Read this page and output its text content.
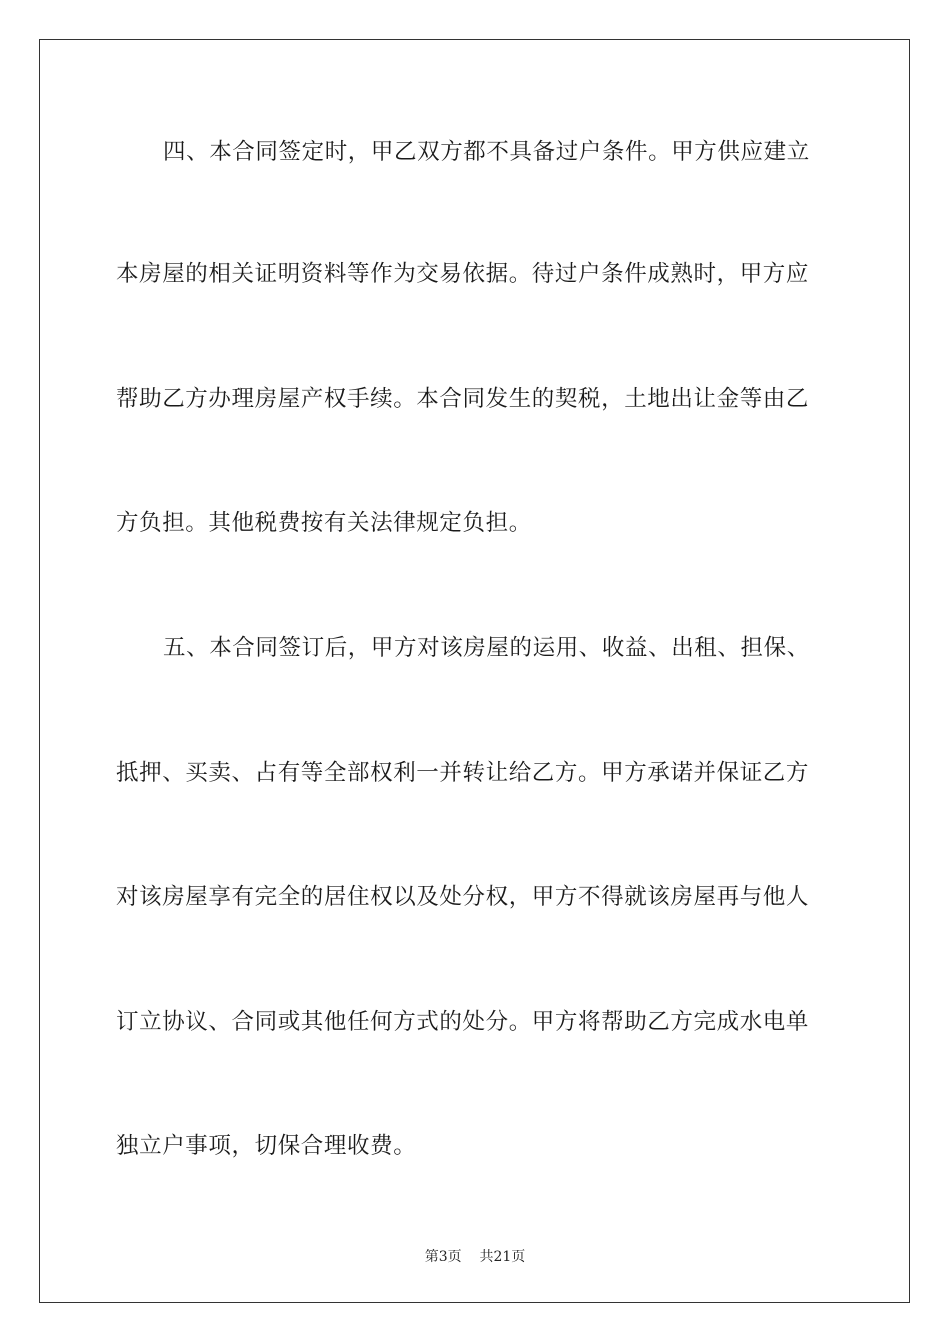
四、本合同签定时，甲乙双方都不具备过户条件。甲方供应建立
本房屋的相关证明资料等作为交易依据。待过户条件成熟时，甲方应
帮助乙方办理房屋产权手续。本合同发生的契税，土地出让金等由乙
方负担。其他税费按有关法律规定负担。
五、本合同签订后，甲方对该房屋的运用、收益、出租、担保、
抵押、买卖、占有等全部权利一并转让给乙方。甲方承诺并保证乙方
对该房屋享有完全的居住权以及处分权，甲方不得就该房屋再与他人
订立协议、合同或其他任何方式的处分。甲方将帮助乙方完成水电单
独立户事项，切保合理收费。
第3页 共21页
